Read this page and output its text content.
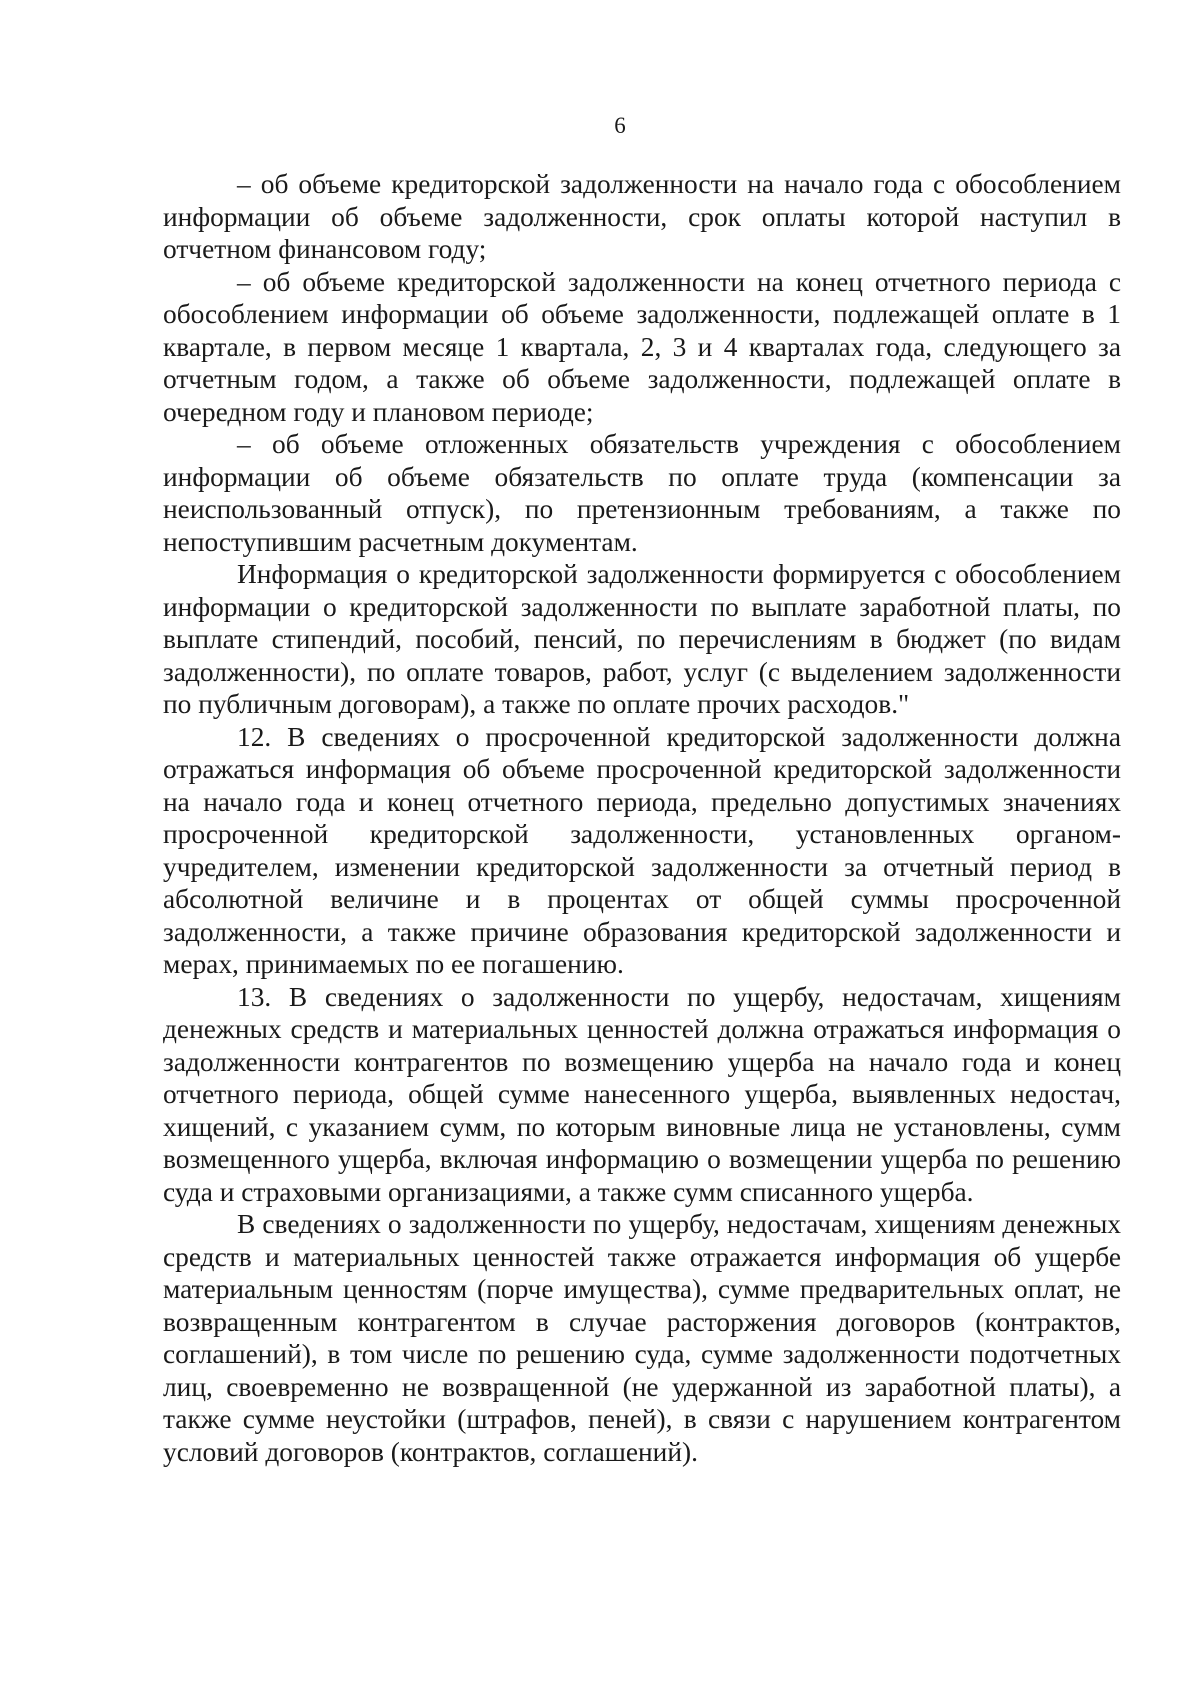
6

– об объеме кредиторской задолженности на начало года с обособлением информации об объеме задолженности, срок оплаты которой наступил в отчетном финансовом году;

– об объеме кредиторской задолженности на конец отчетного периода с обособлением информации об объеме задолженности, подлежащей оплате в 1 квартале, в первом месяце 1 квартала, 2, 3 и 4 кварталах года, следующего за отчетным годом, а также об объеме задолженности, подлежащей оплате в очередном году и плановом периоде;

– об объеме отложенных обязательств учреждения с обособлением информации об объеме обязательств по оплате труда (компенсации за неиспользованный отпуск), по претензионным требованиям, а также по непоступившим расчетным документам.

Информация о кредиторской задолженности формируется с обособлением информации о кредиторской задолженности по выплате заработной платы, по выплате стипендий, пособий, пенсий, по перечислениям в бюджет (по видам задолженности), по оплате товаров, работ, услуг (с выделением задолженности по публичным договорам), а также по оплате прочих расходов."

12. В сведениях о просроченной кредиторской задолженности должна отражаться информация об объеме просроченной кредиторской задолженности на начало года и конец отчетного периода, предельно допустимых значениях просроченной кредиторской задолженности, установленных органом-учредителем, изменении кредиторской задолженности за отчетный период в абсолютной величине и в процентах от общей суммы просроченной задолженности, а также причине образования кредиторской задолженности и мерах, принимаемых по ее погашению.

13. В сведениях о задолженности по ущербу, недостачам, хищениям денежных средств и материальных ценностей должна отражаться информация о задолженности контрагентов по возмещению ущерба на начало года и конец отчетного периода, общей сумме нанесенного ущерба, выявленных недостач, хищений, с указанием сумм, по которым виновные лица не установлены, сумм возмещенного ущерба, включая информацию о возмещении ущерба по решению суда и страховыми организациями, а также сумм списанного ущерба.

В сведениях о задолженности по ущербу, недостачам, хищениям денежных средств и материальных ценностей также отражается информация об ущербе материальным ценностям (порче имущества), сумме предварительных оплат, не возвращенным контрагентом в случае расторжения договоров (контрактов, соглашений), в том числе по решению суда, сумме задолженности подотчетных лиц, своевременно не возвращенной (не удержанной из заработной платы), а также сумме неустойки (штрафов, пеней), в связи с нарушением контрагентом условий договоров (контрактов, соглашений).
